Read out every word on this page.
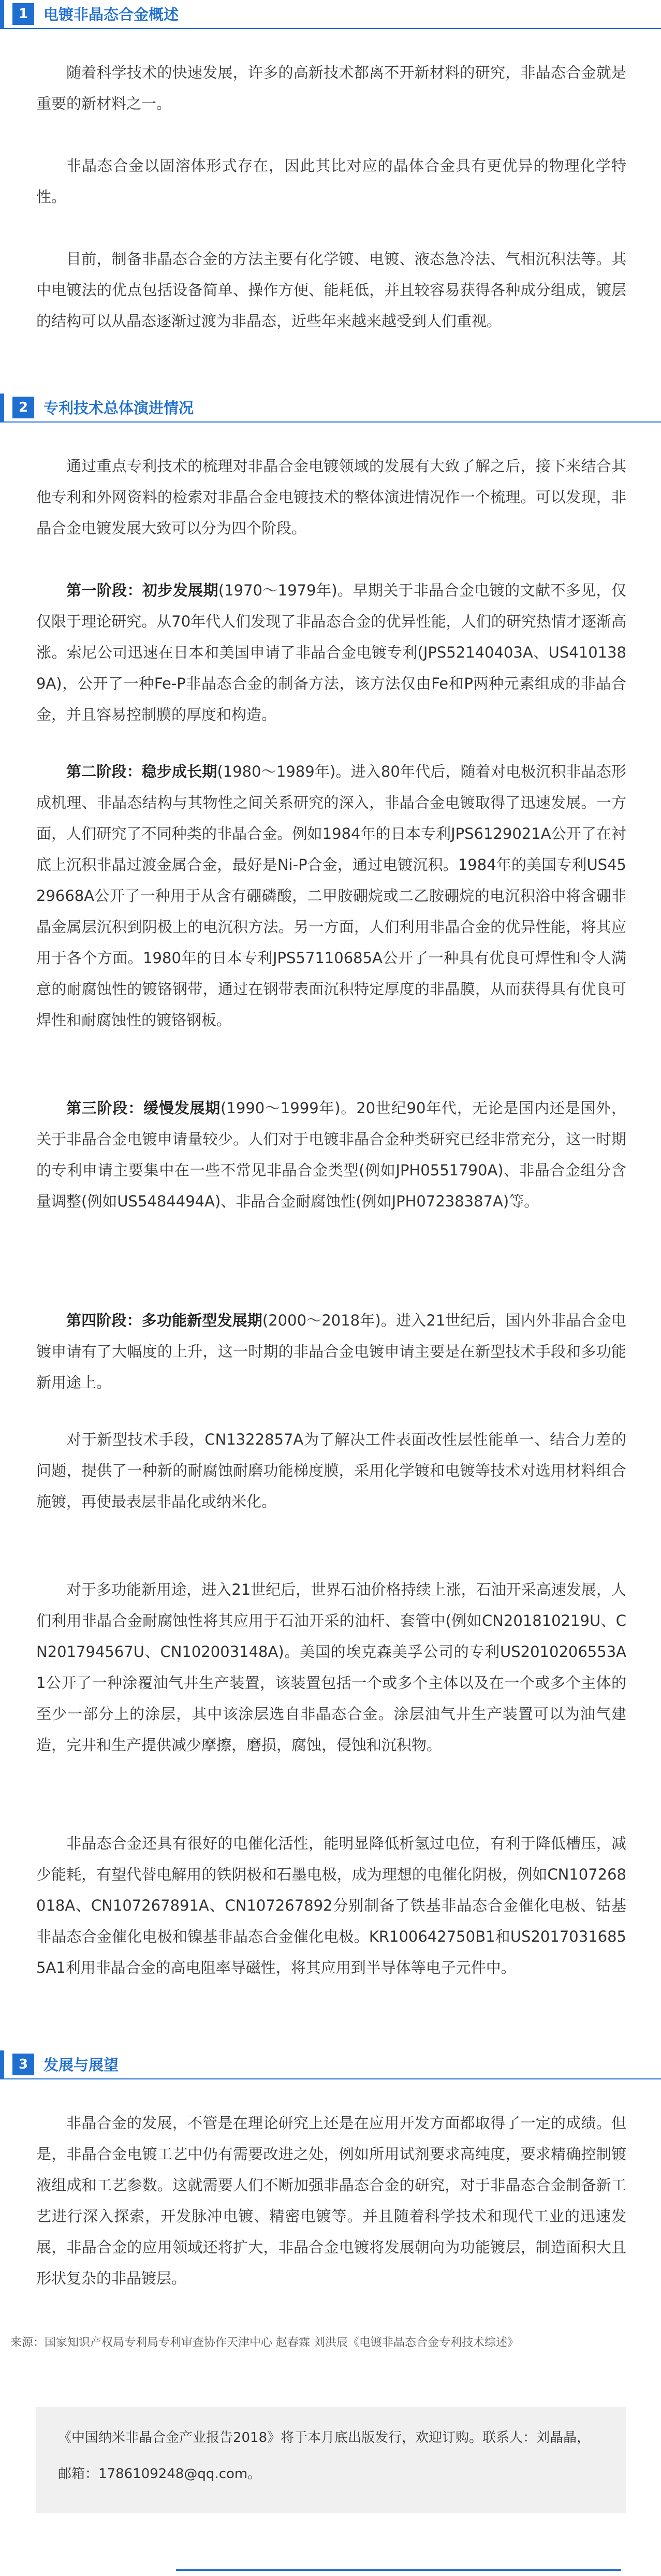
1	电镀非晶态合金概述

随着科学技术的快速发展，许多的高新技术都离不开新材料的研究，非晶态合金就是重要的新材料之一。

非晶态合金以固溶体形式存在，因此其比对应的晶体合金具有更优异的物理化学特性。

目前，制备非晶态合金的方法主要有化学镀、电镀、液态急冷法、气相沉积法等。其中电镀法的优点包括设备简单、操作方便、能耗低，并且较容易获得各种成分组成，镀层的结构可以从晶态逐渐过渡为非晶态，近些年来越来越受到人们重视。

2	专利技术总体演进情况

通过重点专利技术的梳理对非晶合金电镀领域的发展有大致了解之后，接下来结合其他专利和外网资料的检索对非晶合金电镀技术的整体演进情况作一个梳理。可以发现，非晶合金电镀发展大致可以分为四个阶段。

第一阶段：初步发展期(1970～1979年)。早期关于非晶合金电镀的文献不多见，仅仅限于理论研究。从70年代人们发现了非晶态合金的优异性能，人们的研究热情才逐渐高涨。索尼公司迅速在日本和美国申请了非晶合金电镀专利(JPS52140403A、US4101389A)，公开了一种Fe-P非晶态合金的制备方法，该方法仅由Fe和P两种元素组成的非晶合金，并且容易控制膜的厚度和构造。

第二阶段：稳步成长期(1980～1989年)。进入80年代后，随着对电极沉积非晶态形成机理、非晶态结构与其物性之间关系研究的深入，非晶合金电镀取得了迅速发展。一方面，人们研究了不同种类的非晶合金。例如1984年的日本专利JPS6129021A公开了在衬底上沉积非晶过渡金属合金，最好是Ni-P合金，通过电镀沉积。1984年的美国专利US4529668A公开了一种用于从含有硼磷酸，二甲胺硼烷或二乙胺硼烷的电沉积浴中将含硼非晶金属层沉积到阴极上的电沉积方法。另一方面，人们利用非晶合金的优异性能，将其应用于各个方面。1980年的日本专利JPS57110685A公开了一种具有优良可焊性和令人满意的耐腐蚀性的镀铬钢带，通过在钢带表面沉积特定厚度的非晶膜，从而获得具有优良可焊性和耐腐蚀性的镀铬钢板。

第三阶段：缓慢发展期(1990～1999年)。20世纪90年代，无论是国内还是国外，关于非晶合金电镀申请量较少。人们对于电镀非晶合金种类研究已经非常充分，这一时期的专利申请主要集中在一些不常见非晶合金类型(例如JPH0551790A)、非晶合金组分含量调整(例如US5484494A)、非晶合金耐腐蚀性(例如JPH07238387A)等。

第四阶段：多功能新型发展期(2000～2018年)。进入21世纪后，国内外非晶合金电镀申请有了大幅度的上升，这一时期的非晶合金电镀申请主要是在新型技术手段和多功能新用途上。

对于新型技术手段，CN1322857A为了解决工件表面改性层性能单一、结合力差的问题，提供了一种新的耐腐蚀耐磨功能梯度膜，采用化学镀和电镀等技术对选用材料组合施镀，再使最表层非晶化或纳米化。

对于多功能新用途，进入21世纪后，世界石油价格持续上涨，石油开采高速发展，人们利用非晶合金耐腐蚀性将其应用于石油开采的油杆、套管中(例如CN201810219U、CN201794567U、CN102003148A)。美国的埃克森美孚公司的专利US2010206553A1公开了一种涂覆油气井生产装置，该装置包括一个或多个主体以及在一个或多个主体的至少一部分上的涂层，其中该涂层选自非晶态合金。涂层油气井生产装置可以为油气建造，完井和生产提供减少摩擦，磨损，腐蚀，侵蚀和沉积物。

非晶态合金还具有很好的电催化活性，能明显降低析氢过电位，有利于降低槽压，减少能耗，有望代替电解用的铁阴极和石墨电极，成为理想的电催化阴极，例如CN107268018A、CN107267891A、CN107267892分别制备了铁基非晶态合金催化电极、钴基非晶态合金催化电极和镍基非晶态合金催化电极。KR100642750B1和US20170316855A1利用非晶合金的高电阻率导磁性，将其应用到半导体等电子元件中。

3	发展与展望

非晶合金的发展，不管是在理论研究上还是在应用开发方面都取得了一定的成绩。但是，非晶合金电镀工艺中仍有需要改进之处，例如所用试剂要求高纯度，要求精确控制镀液组成和工艺参数。这就需要人们不断加强非晶态合金的研究，对于非晶态合金制备新工艺进行深入探索，开发脉冲电镀、精密电镀等。并且随着科学技术和现代工业的迅速发展，非晶合金的应用领域还将扩大，非晶合金电镀将发展朝向为功能镀层，制造面积大且形状复杂的非晶镀层。

来源：国家知识产权局专利局专利审查协作天津中心 赵春霖 刘洪辰《电镀非晶态合金专利技术综述》

《中国纳米非晶合金产业报告2018》将于本月底出版发行，欢迎订购。联系人：刘晶晶，

邮箱：1786109248@qq.com。
